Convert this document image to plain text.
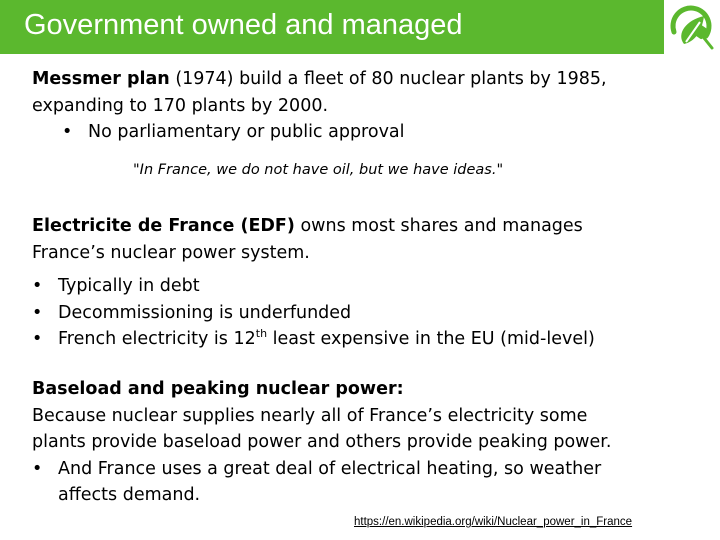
Government owned and managed
Messmer plan (1974) build a fleet of 80 nuclear plants by 1985,
expanding to 170 plants by 2000.
• No parliamentary or public approval
"In France, we do not have oil, but we have ideas."
Electricite de France (EDF) owns most shares and manages
France’s nuclear power system.
• Typically in debt
• Decommissioning is underfunded
• French electricity is 12th least expensive in the EU (mid-level)
Baseload and peaking nuclear power:
Because nuclear supplies nearly all of France’s electricity some
plants provide baseload power and others provide peaking power.
• And France uses a great deal of electrical heating, so weather
affects demand.
https://en.wikipedia.org/wiki/Nuclear_power_in_France
